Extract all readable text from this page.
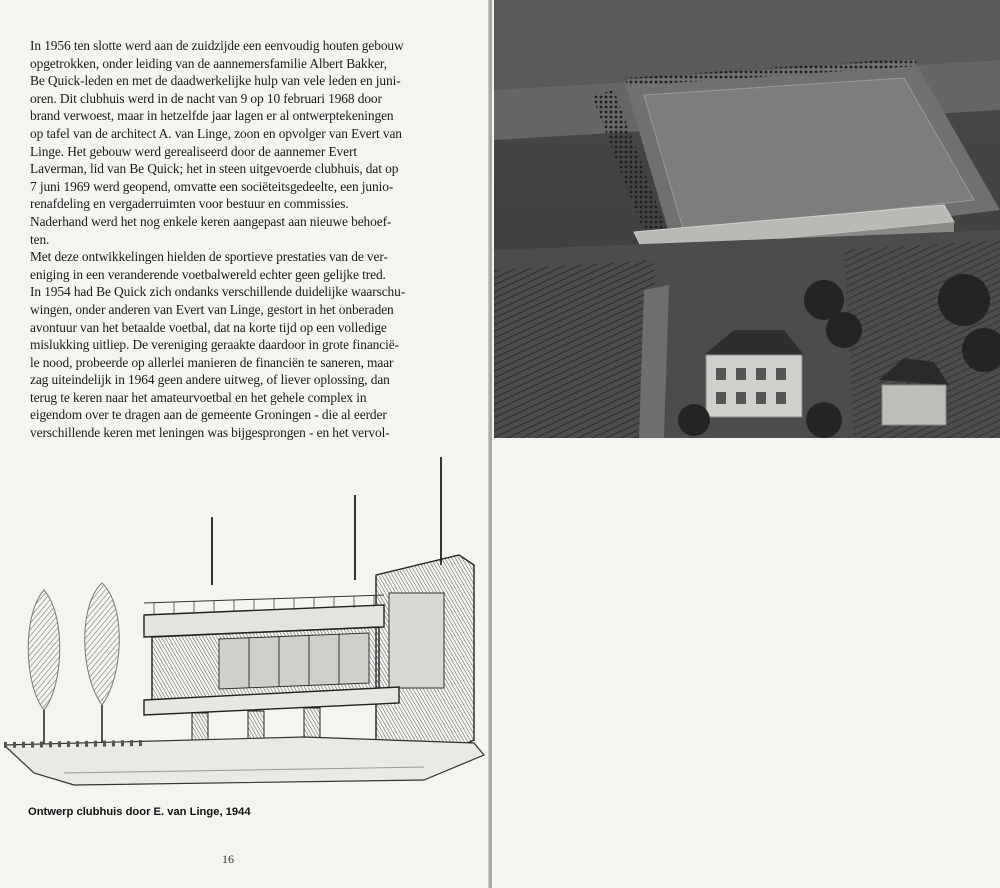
In 1956 ten slotte werd aan de zuidzijde een eenvoudig houten gebouw

opgetrokken, onder leiding van de aannemersfamilie Albert Bakker,

Be Quick-leden en met de daadwerkelijke hulp van vele leden en juni-

oren. Dit clubhuis werd in de nacht van 9 op 10 februari 1968 door

brand verwoest, maar in hetzelfde jaar lagen er al ontwerptekeningen

op tafel van de architect A. van Linge, zoon en opvolger van Evert van

Linge. Het gebouw werd gerealiseerd door de aannemer Evert

Laverman, lid van Be Quick; het in steen uitgevoerde clubhuis, dat op

7 juni 1969 werd geopend, omvatte een sociëteitsgedeelte, een junio-

renafdeling en vergaderruimten voor bestuur en commissies.

Naderhand werd het nog enkele keren aangepast aan nieuwe behoef-

ten.

Met deze ontwikkelingen hielden de sportieve prestaties van de ver-

eniging in een veranderende voetbalwereld echter geen gelijke tred.

In 1954 had Be Quick zich ondanks verschillende duidelijke waarschu-

wingen, onder anderen van Evert van Linge, gestort in het onberaden

avontuur van het betaalde voetbal, dat na korte tijd op een volledige

mislukking uitliep. De vereniging geraakte daardoor in grote financië-

le nood, probeerde op allerlei manieren de financiën te saneren, maar

zag uiteindelijk in 1964 geen andere uitweg, of liever oplossing, dan

terug te keren naar het amateurvoetbal en het gehele complex in

eigendom over te dragen aan de gemeente Groningen - die al eerder

verschillende keren met leningen was bijgesprongen - en het vervol-

Ontwerp clubhuis door E. van Linge, 1944
16
